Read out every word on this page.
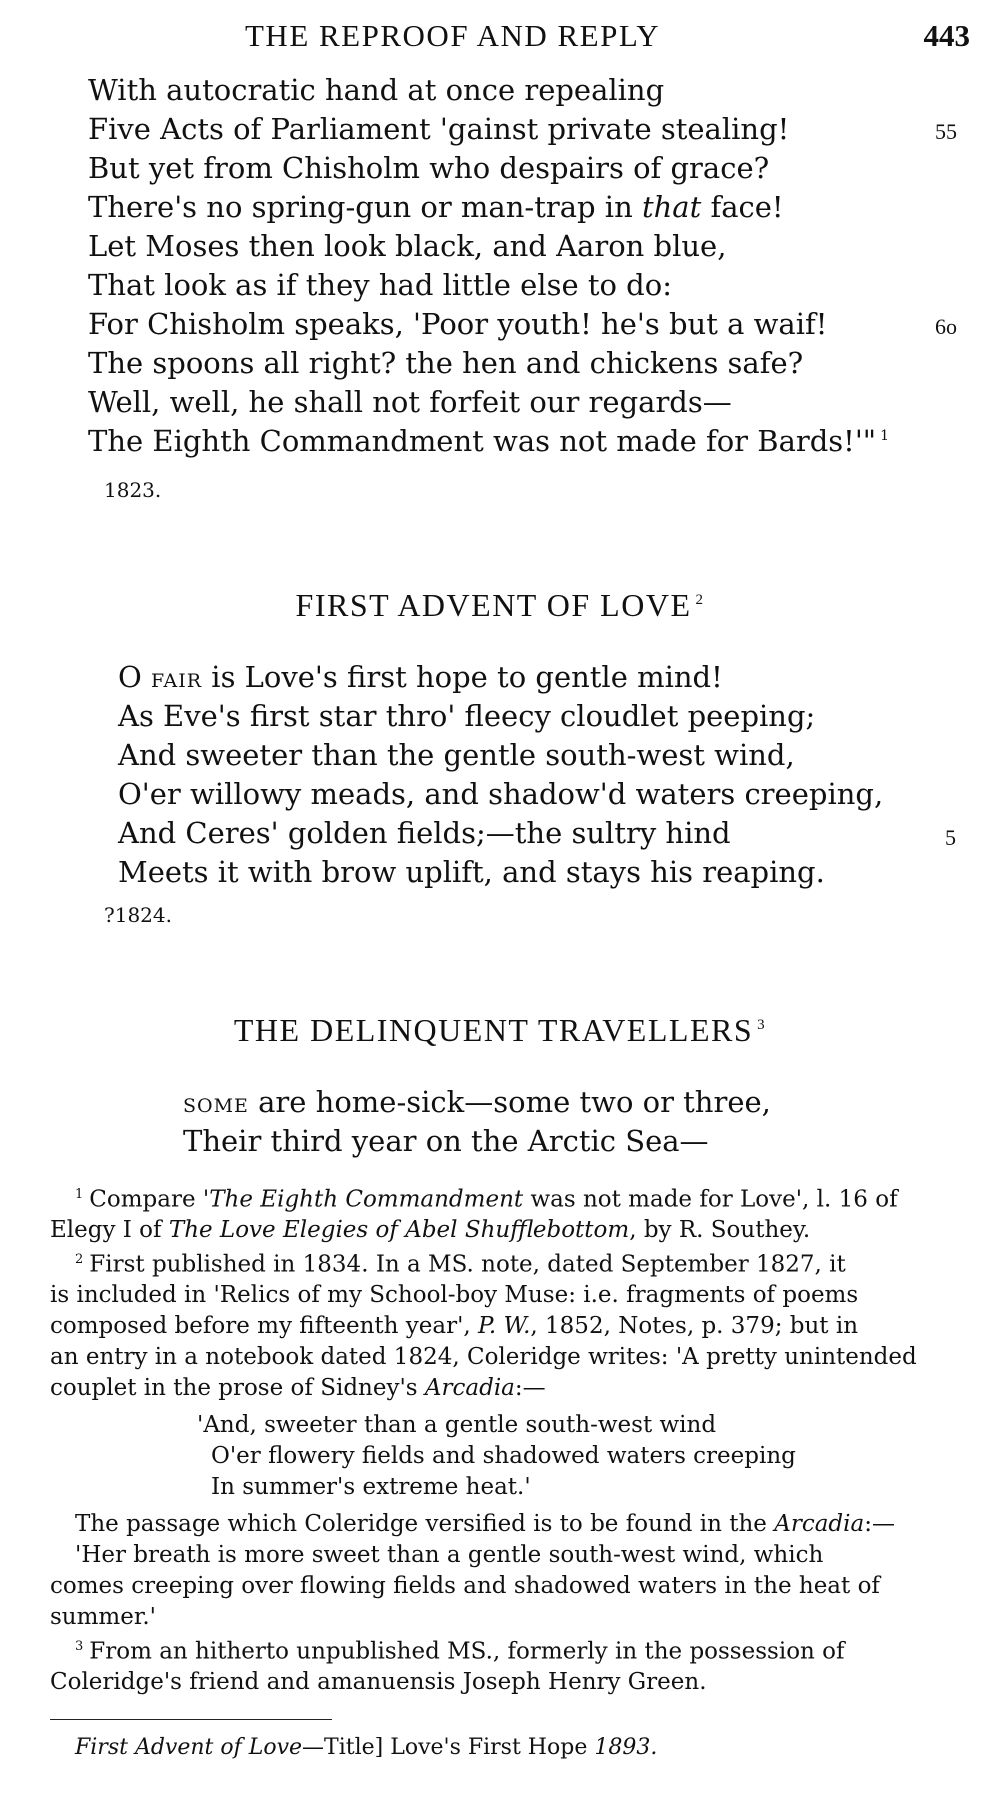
THE REPROOF AND REPLY	443
With autocratic hand at once repealing
Five Acts of Parliament 'gainst private stealing!	55
But yet from Chisholm who despairs of grace?
There's no spring-gun or man-trap in that face!
Let Moses then look black, and Aaron blue,
That look as if they had little else to do:
For Chisholm speaks, 'Poor youth! he's but a waif!	6o
The spoons all right? the hen and chickens safe?
Well, well, he shall not forfeit our regards—
The Eighth Commandment was not made for Bards!'" $^1$
1823.
FIRST ADVENT OF LOVE $^2$
O FAIR is Love's first hope to gentle mind!
As Eve's first star thro' fleecy cloudlet peeping;
And sweeter than the gentle south-west wind,
O'er willowy meads, and shadow'd waters creeping,
And Ceres' golden fields;—the sultry hind	5
Meets it with brow uplift, and stays his reaping.
?1824.
THE DELINQUENT TRAVELLERS $^3$
SOME are home-sick—some two or three,
Their third year on the Arctic Sea—
$^1$ Compare 'The Eighth Commandment was not made for Love', l. 16 of
Elegy I of The Love Elegies of Abel Shufflebottom, by R. Southey.
$^2$ First published in 1834. In a MS. note, dated September 1827, it
is included in 'Relics of my School-boy Muse: i.e. fragments of poems
composed before my fifteenth year', P. W., 1852, Notes, p. 379; but in
an entry in a notebook dated 1824, Coleridge writes: 'A pretty unintended
couplet in the prose of Sidney's Arcadia:—
'And, sweeter than a gentle south-west wind
O'er flowery fields and shadowed waters creeping
In summer's extreme heat.'
The passage which Coleridge versified is to be found in the Arcadia:—
'Her breath is more sweet than a gentle south-west wind, which
comes creeping over flowing fields and shadowed waters in the heat of
summer.'
$^3$ From an hitherto unpublished MS., formerly in the possession of
Coleridge's friend and amanuensis Joseph Henry Green.
First Advent of Love—Title] Love's First Hope 1893.
